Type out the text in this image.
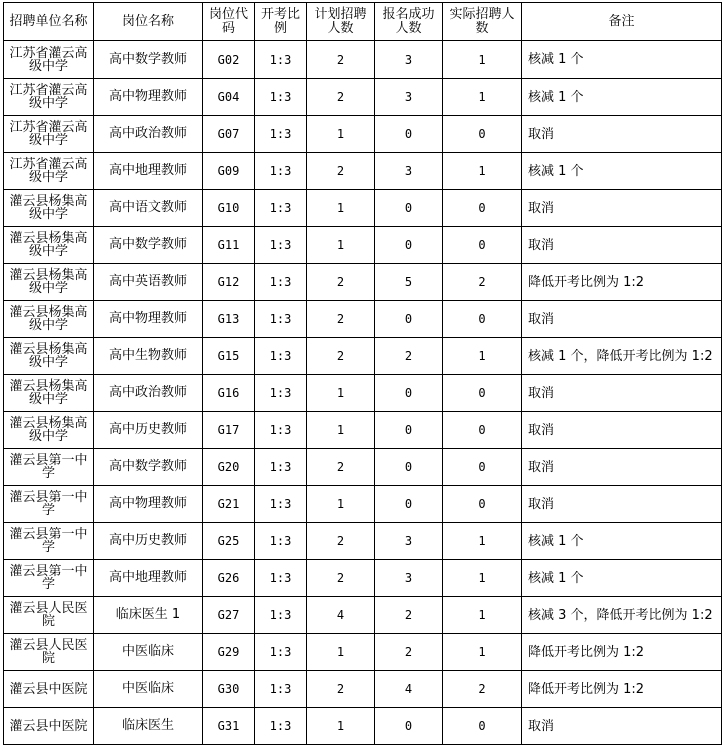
招聘单位名称	岗位名称	岗位代码	开考比例	计划招聘人数	报名成功人数	实际招聘人数	备注
江苏省灌云高级中学	高中数学教师	G02	1:3	2	3	1	核减 1 个
江苏省灌云高级中学	高中物理教师	G04	1:3	2	3	1	核减 1 个
江苏省灌云高级中学	高中政治教师	G07	1:3	1	0	0	取消
江苏省灌云高级中学	高中地理教师	G09	1:3	2	3	1	核减 1 个
灌云县杨集高级中学	高中语文教师	G10	1:3	1	0	0	取消
灌云县杨集高级中学	高中数学教师	G11	1:3	1	0	0	取消
灌云县杨集高级中学	高中英语教师	G12	1:3	2	5	2	降低开考比例为 1:2
灌云县杨集高级中学	高中物理教师	G13	1:3	2	0	0	取消
灌云县杨集高级中学	高中生物教师	G15	1:3	2	2	1	核减 1 个，降低开考比例为 1:2
灌云县杨集高级中学	高中政治教师	G16	1:3	1	0	0	取消
灌云县杨集高级中学	高中历史教师	G17	1:3	1	0	0	取消
灌云县第一中学	高中数学教师	G20	1:3	2	0	0	取消
灌云县第一中学	高中物理教师	G21	1:3	1	0	0	取消
灌云县第一中学	高中历史教师	G25	1:3	2	3	1	核减 1 个
灌云县第一中学	高中地理教师	G26	1:3	2	3	1	核减 1 个
灌云县人民医院	临床医生 1	G27	1:3	4	2	1	核减 3 个，降低开考比例为 1:2
灌云县人民医院	中医临床	G29	1:3	1	2	1	降低开考比例为 1:2
灌云县中医院	中医临床	G30	1:3	2	4	2	降低开考比例为 1:2
灌云县中医院	临床医生	G31	1:3	1	0	0	取消
